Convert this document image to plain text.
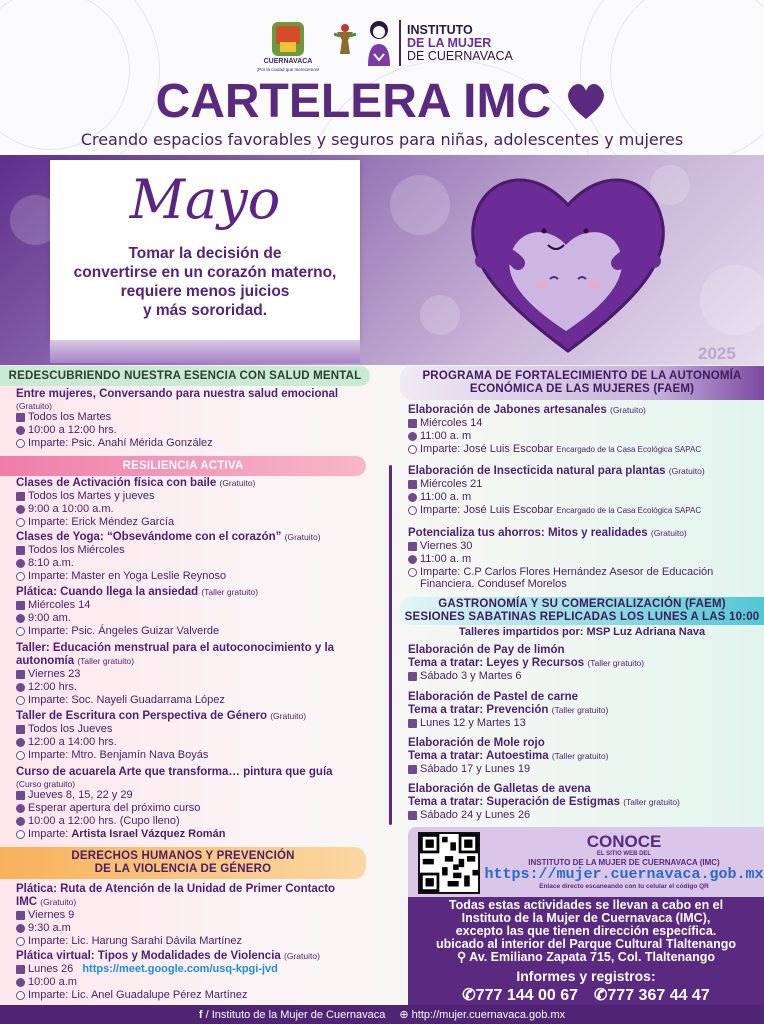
CUERNAVACA
¡Por la ciudad que merecemos!
INSTITUTO
DE LA MUJER
DE CUERNAVACA
CARTELERA IMC
Creando espacios favorables y seguros para niñas, adolescentes y mujeres
Mayo
Tomar la decisión de
convertirse en un corazón materno,
requiere menos juicios
y más sororidad.
2025
REDESCUBRIENDO NUESTRA ESENCIA CON SALUD MENTAL
Entre mujeres, Conversando para nuestra salud emocional
(Gratuito)
Todos los Martes
10:00 a 12:00 hrs.
Imparte: Psic. Anahí Mérida González
RESILIENCIA ACTIVA
Clases de Activación física con baile (Gratuito)
Todos los Martes y jueves
9:00 a 10:00 a.m.
Imparte: Erick Méndez García
Clases de Yoga: “Obsevándome con el corazón” (Gratuito)
Todos los Miércoles
8:10 a.m.
Imparte: Master en Yoga Leslie Reynoso
Plática: Cuando llega la ansiedad (Taller gratuito)
Miércoles 14
9:00 am.
Imparte: Psic. Ángeles Guizar Valverde
Taller: Educación menstrual para el autoconocimiento y la
autonomía (Taller gratuito)
Viernes 23
12:00 hrs.
Imparte: Soc. Nayeli Guadarrama López
Taller de Escritura con Perspectiva de Género (Gratuito)
Todos los Jueves
12:00 a 14:00 hrs.
Imparte: Mtro. Benjamín Nava Boyás
Curso de acuarela Arte que transforma… pintura que guía
(Curso gratuito)
Jueves 8, 15, 22 y 29
Esperar apertura del próximo curso
10:00 a 12:00 hrs. (Cupo lleno)
Imparte: Artista Israel Vázquez Román
DERECHOS HUMANOS Y PREVENCIÓN
DE LA VIOLENCIA DE GÉNERO
Plática: Ruta de Atención de la Unidad de Primer Contacto
IMC (Gratuito)
Viernes 9
9:30 a.m
Imparte: Lic. Harung Sarahi Dávila Martínez
Plática virtual: Tipos y Modalidades de Violencia (Gratuito)
Lunes 26
https://meet.google.com/usq-kpgi-jvd
10:00 a.m
Imparte: Lic. Anel Guadalupe Pérez Martínez
PROGRAMA DE FORTALECIMIENTO DE LA AUTONOMÍA
ECONÓMICA DE LAS MUJERES (FAEM)
Elaboración de Jabones artesanales (Gratuito)
Miércoles 14
11:00 a. m
Imparte: José Luis Escobar Encargado de la Casa Ecológica SAPAC
Elaboración de Insecticida natural para plantas (Gratuito)
Miércoles 21
11:00 a. m
Imparte: José Luis Escobar Encargado de la Casa Ecológica SAPAC
Potencializa tus ahorros: Mitos y realidades (Gratuito)
Viernes 30
11:00 a. m
Imparte: C.P Carlos Flores Hernández Asesor de Educación
Financiera. Condusef Morelos
GASTRONOMÍA Y SU COMERCIALIZACIÓN (FAEM)
SESIONES SABATINAS REPLICADAS LOS LUNES A LAS 10:00
Talleres impartidos por: MSP Luz Adriana Nava
Elaboración de Pay de limón
Tema a tratar: Leyes y Recursos (Taller gratuito)
Sábado 3 y Martes 6
Elaboración de Pastel de carne
Tema a tratar: Prevención (Taller gratuito)
Lunes 12 y Martes 13
Elaboración de Mole rojo
Tema a tratar: Autoestima (Taller gratuito)
Sábado 17 y Lunes 19
Elaboración de Galletas de avena
Tema a tratar: Superación de Estigmas (Taller gratuito)
Sábado 24 y Lunes 26
CONOCE
EL SITIO WEB DEL
INSTITUTO DE LA MUJER DE CUERNAVACA (IMC)
https://mujer.cuernavaca.gob.mx
Enlace directo escaneando con tu celular el código QR
Todas estas actividades se llevan a cabo en el
Instituto de la Mujer de Cuernavaca (IMC),
excepto las que tienen dirección específica.
ubicado al interior del Parque Cultural Tlaltenango
⚲ Av. Emiliano Zapata 715, Col. Tlaltenango
Informes y registros:
✆777 144 00 67 ✆777 367 44 47
f / Instituto de la Mujer de Cuernavaca ⊕ http://mujer.cuernavaca.gob.mx
